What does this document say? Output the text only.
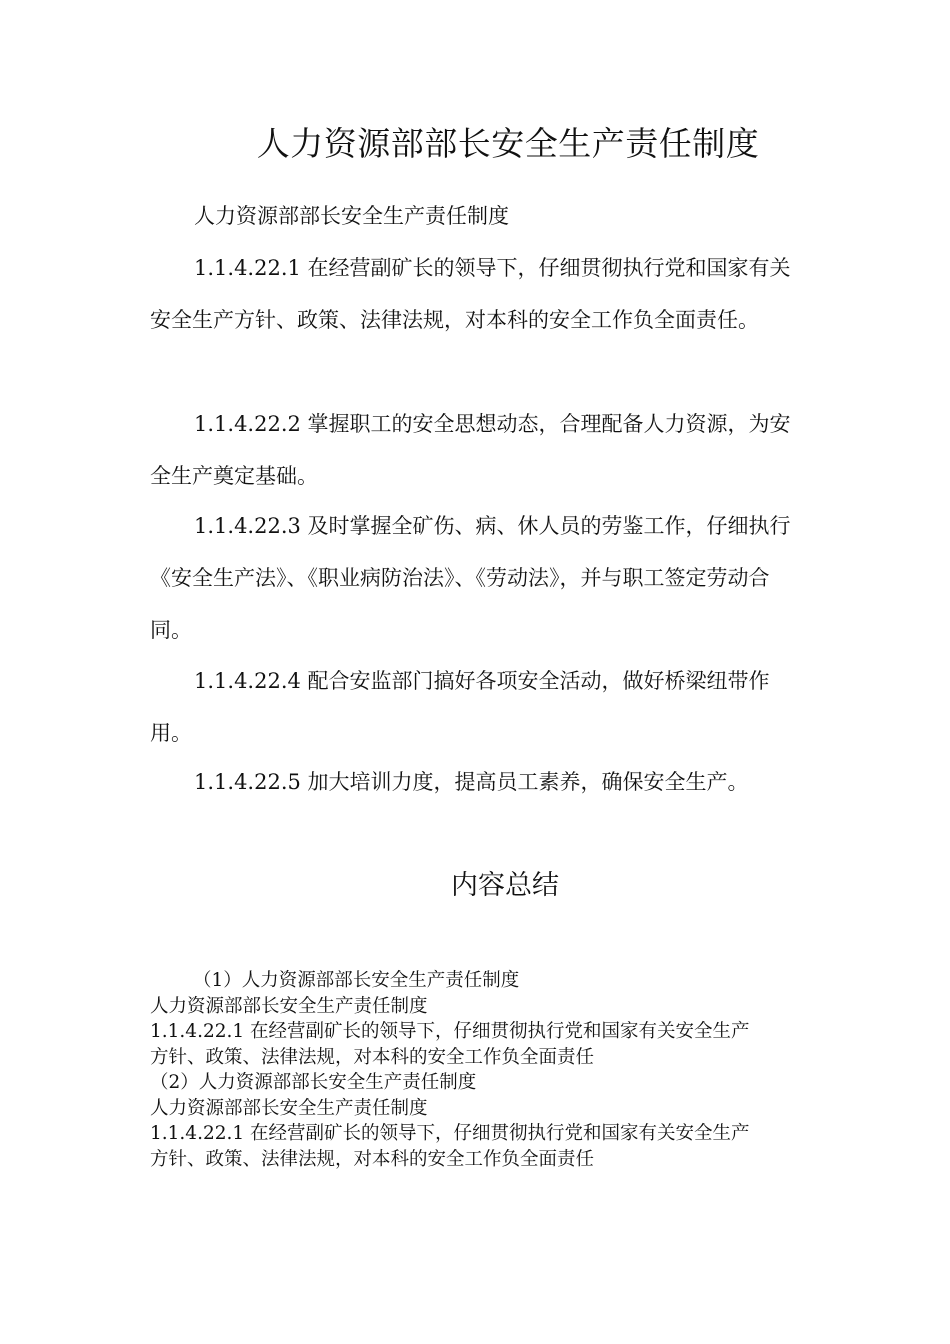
人力资源部部长安全生产责任制度

人力资源部部长安全生产责任制度

1.1.4.22.1 在经营副矿长的领导下，仔细贯彻执行党和国家有关安全生产方针、政策、法律法规，对本科的安全工作负全面责任。

1.1.4.22.2 掌握职工的安全思想动态，合理配备人力资源，为安全生产奠定基础。

1.1.4.22.3 及时掌握全矿伤、病、休人员的劳鉴工作，仔细执行《安全生产法》、《职业病防治法》、《劳动法》，并与职工签定劳动合同。

1.1.4.22.4 配合安监部门搞好各项安全活动，做好桥梁纽带作用。

1.1.4.22.5 加大培训力度，提高员工素养，确保安全生产。

内容总结
（1）人力资源部部长安全生产责任制度
人力资源部部长安全生产责任制度
1.1.4.22.1 在经营副矿长的领导下，仔细贯彻执行党和国家有关安全生产
方针、政策、法律法规，对本科的安全工作负全面责任
（2）人力资源部部长安全生产责任制度
人力资源部部长安全生产责任制度
1.1.4.22.1 在经营副矿长的领导下，仔细贯彻执行党和国家有关安全生产
方针、政策、法律法规，对本科的安全工作负全面责任
